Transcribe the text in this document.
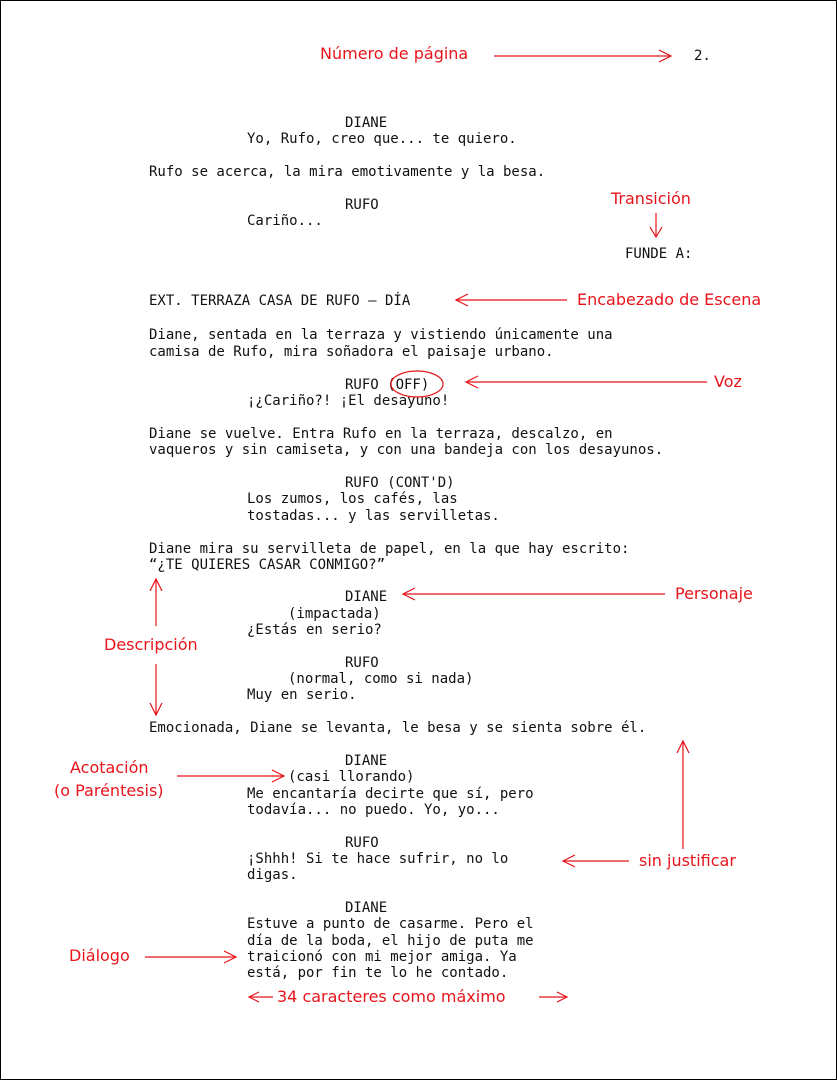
2.
DIANE
Yo, Rufo, creo que... te quiero.
Rufo se acerca, la mira emotivamente y la besa.
RUFO
Cariño...
FUNDE A:
EXT. TERRAZA CASA DE RUFO – DÍA
Diane, sentada en la terraza y vistiendo únicamente una
camisa de Rufo, mira soñadora el paisaje urbano.
RUFO (OFF)
¡¿Cariño?! ¡El desayuno!
Diane se vuelve. Entra Rufo en la terraza, descalzo, en
vaqueros y sin camiseta, y con una bandeja con los desayunos.
RUFO (CONT'D)
Los zumos, los cafés, las
tostadas... y las servilletas.
Diane mira su servilleta de papel, en la que hay escrito:
“¿TE QUIERES CASAR CONMIGO?”
DIANE
(impactada)
¿Estás en serio?
RUFO
(normal, como si nada)
Muy en serio.
Emocionada, Diane se levanta, le besa y se sienta sobre él.
DIANE
(casi llorando)
Me encantaría decirte que sí, pero
todavía... no puedo. Yo, yo...
RUFO
¡Shhh! Si te hace sufrir, no lo
digas.
DIANE
Estuve a punto de casarme. Pero el
día de la boda, el hijo de puta me
traicionó con mi mejor amiga. Ya
está, por fin te lo he contado.
Número de página
Transición
Encabezado de Escena
Voz
Personaje
Descripción
Acotación
(o Paréntesis)
sin justificar
Diálogo
34 caracteres como máximo
